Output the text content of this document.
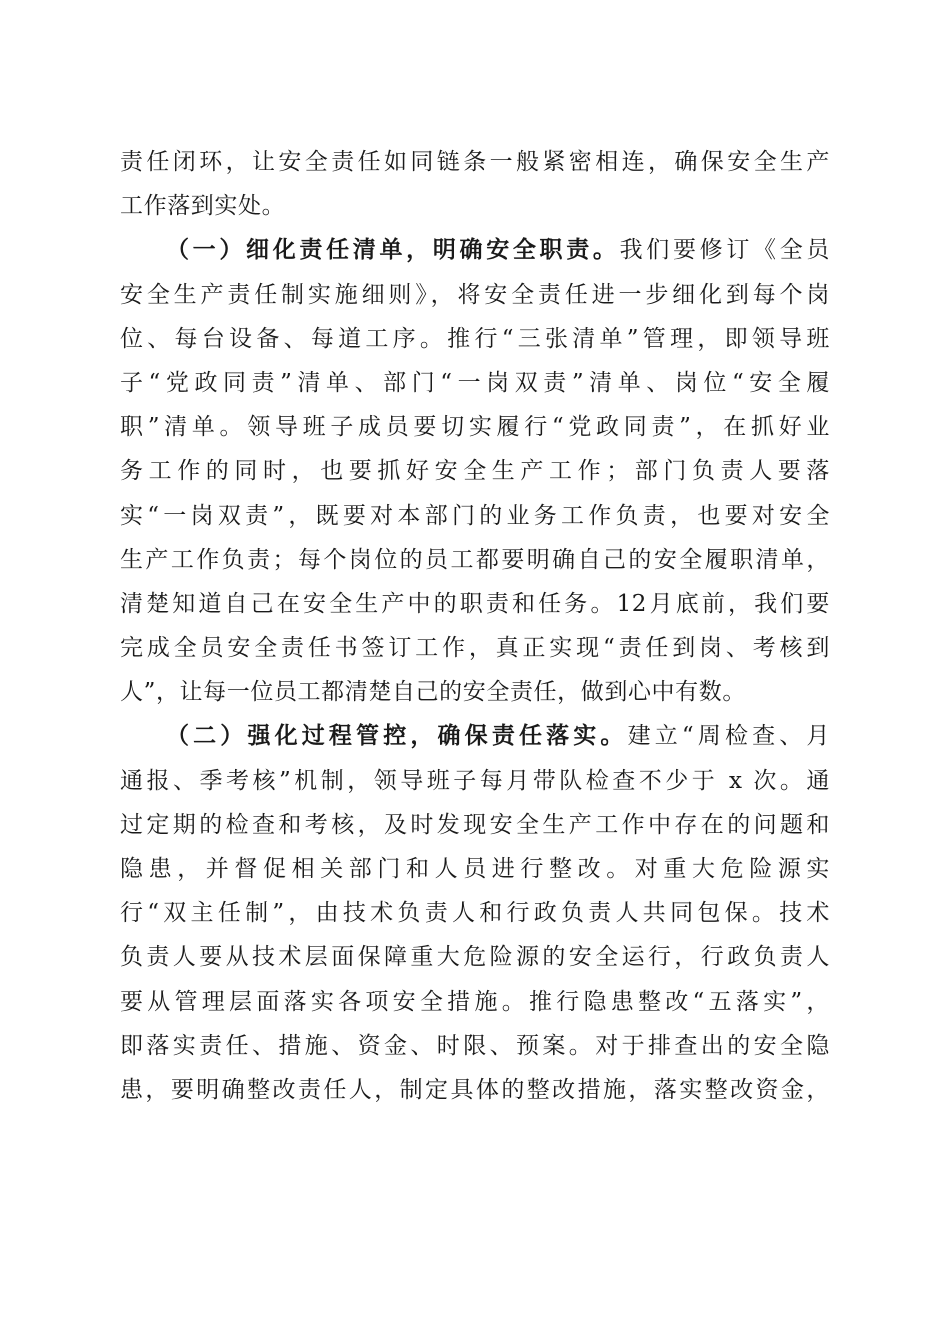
责任闭环，让安全责任如同链条一般紧密相连，确保安全生产
工作落到实处。
（一）细化责任清单，明确安全职责。我们要修订《全员
安全生产责任制实施细则》，将安全责任进一步细化到每个岗
位、每台设备、每道工序。推行“三张清单”管理，即领导班
子“党政同责”清单、部门“一岗双责”清单、岗位“安全履
职”清单。领导班子成员要切实履行“党政同责”，在抓好业
务工作的同时，也要抓好安全生产工作；部门负责人要落
实“一岗双责”，既要对本部门的业务工作负责，也要对安全
生产工作负责；每个岗位的员工都要明确自己的安全履职清单，
清楚知道自己在安全生产中的职责和任务。12月底前，我们要
完成全员安全责任书签订工作，真正实现“责任到岗、考核到
人”，让每一位员工都清楚自己的安全责任，做到心中有数。
（二）强化过程管控，确保责任落实。建立“周检查、月
通报、季考核”机制，领导班子每月带队检查不少于 x 次。通
过定期的检查和考核，及时发现安全生产工作中存在的问题和
隐患，并督促相关部门和人员进行整改。对重大危险源实
行“双主任制”，由技术负责人和行政负责人共同包保。技术
负责人要从技术层面保障重大危险源的安全运行，行政负责人
要从管理层面落实各项安全措施。推行隐患整改“五落实”，
即落实责任、措施、资金、时限、预案。对于排查出的安全隐
患，要明确整改责任人，制定具体的整改措施，落实整改资金，
